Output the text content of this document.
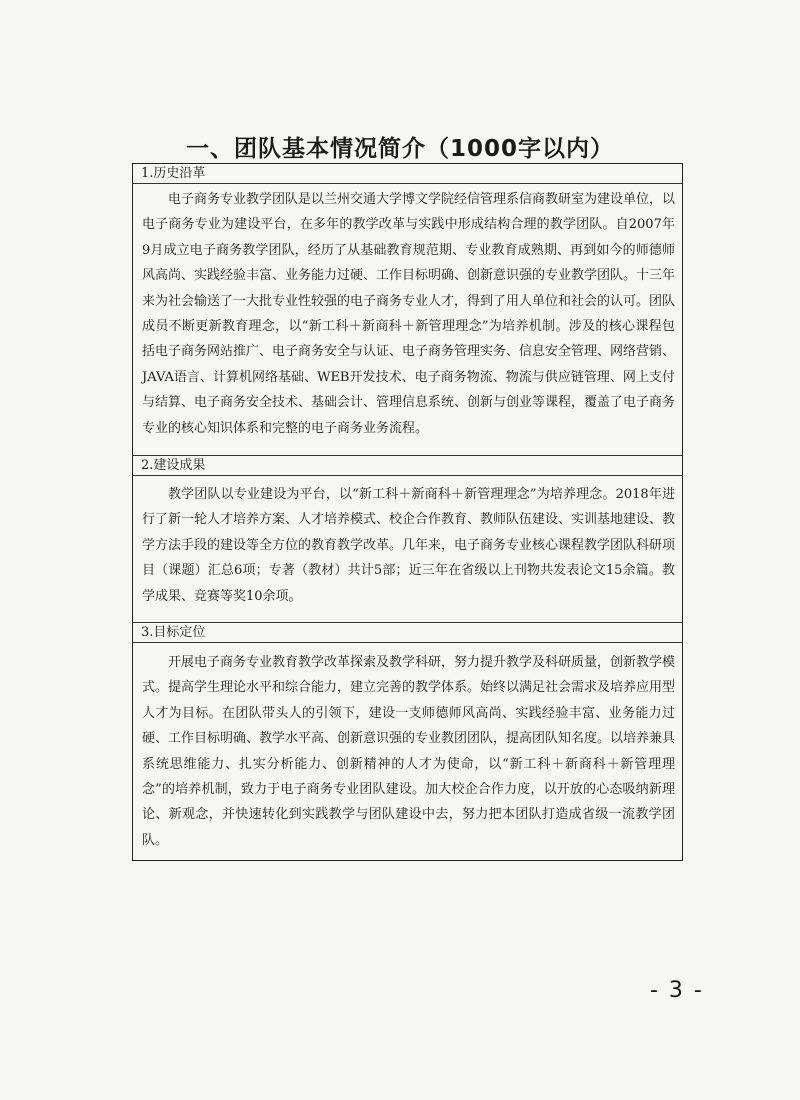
一、团队基本情况简介（1000字以内）
1.历史沿革

电子商务专业教学团队是以兰州交通大学博文学院经信管理系信商教研室为建设单位，以电子商务专业为建设平台，在多年的教学改革与实践中形成结构合理的教学团队。自2007年9月成立电子商务教学团队，经历了从基础教育规范期、专业教育成熟期、再到如今的师德师风高尚、实践经验丰富、业务能力过硬、工作目标明确、创新意识强的专业教学团队。十三年来为社会输送了一大批专业性较强的电子商务专业人才，得到了用人单位和社会的认可。团队成员不断更新教育理念，以“新工科＋新商科＋新管理理念”为培养机制。涉及的核心课程包括电子商务网站推广、电子商务安全与认证、电子商务管理实务、信息安全管理、网络营销、JAVA语言、计算机网络基础、WEB开发技术、电子商务物流、物流与供应链管理、网上支付与结算、电子商务安全技术、基础会计、管理信息系统、创新与创业等课程，覆盖了电子商务专业的核心知识体系和完整的电子商务业务流程。

2.建设成果

教学团队以专业建设为平台，以“新工科＋新商科＋新管理理念”为培养理念。2018年进行了新一轮人才培养方案、人才培养模式、校企合作教育、教师队伍建设、实训基地建设、教学方法手段的建设等全方位的教育教学改革。几年来，电子商务专业核心课程教学团队科研项目（课题）汇总6项；专著（教材）共计5部；近三年在省级以上刊物共发表论文15余篇。教学成果、竞赛等奖10余项。

3.目标定位

开展电子商务专业教育教学改革探索及教学科研，努力提升教学及科研质量，创新教学模式。提高学生理论水平和综合能力，建立完善的教学体系。始终以满足社会需求及培养应用型人才为目标。在团队带头人的引领下，建设一支师德师风高尚、实践经验丰富、业务能力过硬、工作目标明确、教学水平高、创新意识强的专业教团团队，提高团队知名度。以培养兼具系统思维能力、扎实分析能力、创新精神的人才为使命，以“新工科＋新商科＋新管理理念”的培养机制，致力于电子商务专业团队建设。加大校企合作力度，以开放的心态吸纳新理论、新观念，并快速转化到实践教学与团队建设中去，努力把本团队打造成省级一流教学团队。

- 3 -
